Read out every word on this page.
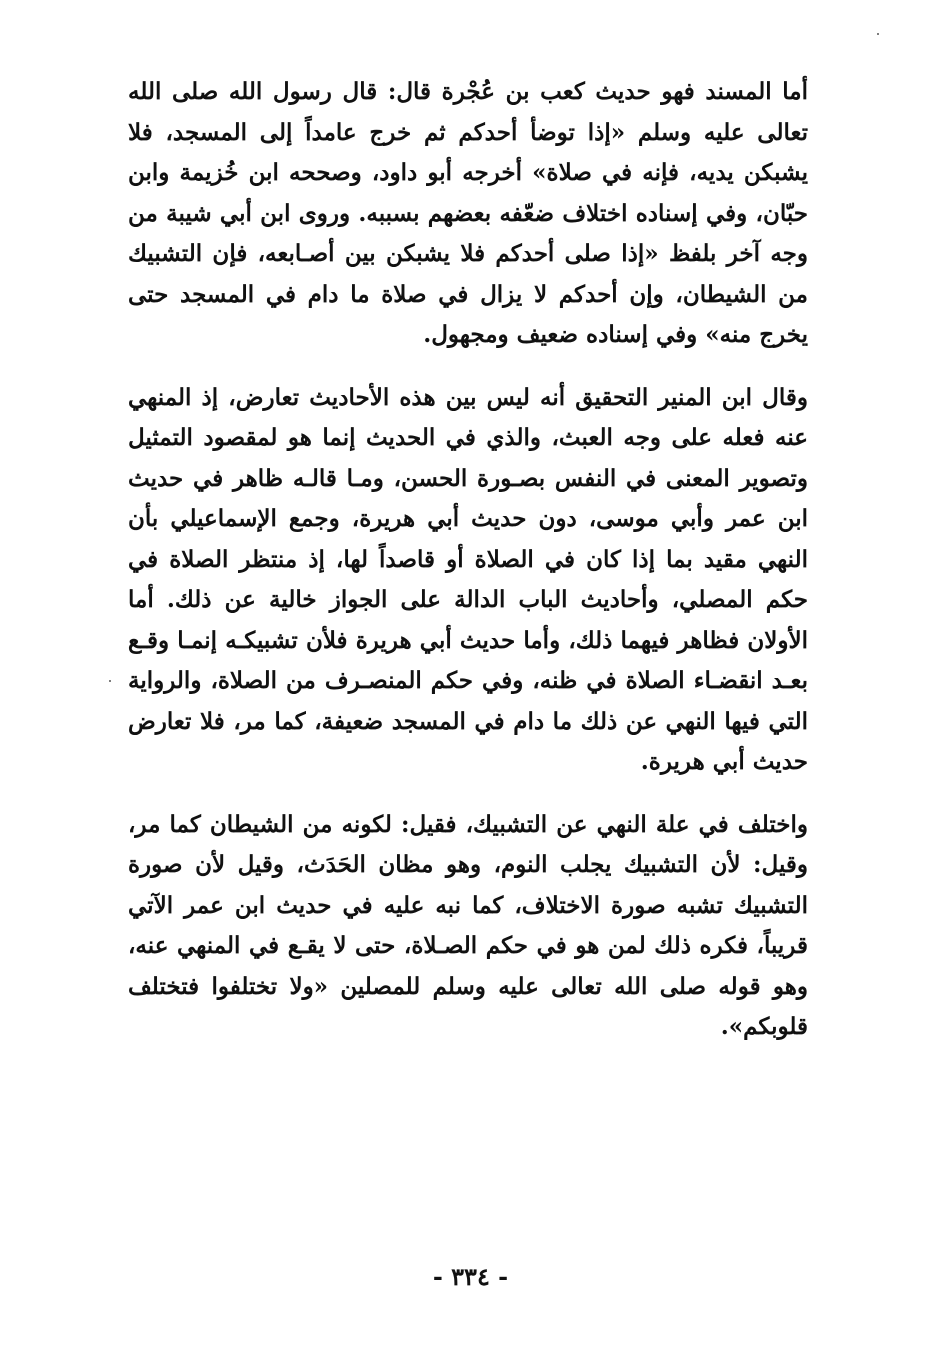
أما المسند فهو حديث كعب بن عُجْرة قال: قال رسول الله صلى الله تعالى عليه وسلم «إذا توضأ أحدكم ثم خرج عامداً إلى المسجد، فلا يشبكن يديه، فإنه في صلاة» أخرجه أبو داود، وصححه ابن خُزيمة وابن حبّان، وفي إسناده اختلاف ضعّفه بعضهم بسببه. وروى ابن أبي شيبة من وجه آخر بلفظ «إذا صلى أحدكم فلا يشبكن بين أصـابعه، فإن التشبيك من الشيطان، وإن أحدكم لا يزال في صلاة ما دام في المسجد حتى يخرج منه» وفي إسناده ضعيف ومجهول.

وقال ابن المنير التحقيق أنه ليس بين هذه الأحاديث تعارض، إذ المنهي عنه فعله على وجه العبث، والذي في الحديث إنما هو لمقصود التمثيل وتصوير المعنى في النفس بصـورة الحسن، ومـا قالـه ظاهر في حديث ابن عمر وأبي موسى، دون حديث أبي هريرة، وجمع الإسماعيلي بأن النهي مقيد بما إذا كان في الصلاة أو قاصداً لها، إذ منتظر الصلاة في حكم المصلي، وأحاديث الباب الدالة على الجواز خالية عن ذلك. أما الأولان فظاهر فيهما ذلك، وأما حديث أبي هريرة فلأن تشبيكـه إنمـا وقـع بعـد انقضـاء الصلاة في ظنه، وفي حكم المنصـرف من الصلاة، والرواية التي فيها النهي عن ذلك ما دام في المسجد ضعيفة، كما مر، فلا تعارض حديث أبي هريرة.

واختلف في علة النهي عن التشبيك، فقيل: لكونه من الشيطان كما مر، وقيل: لأن التشبيك يجلب النوم، وهو مظان الحَدَث، وقيل لأن صورة التشبيك تشبه صورة الاختلاف، كما نبه عليه في حديث ابن عمر الآتي قريباً، فكره ذلك لمن هو في حكم الصـلاة، حتى لا يقـع في المنهي عنه، وهو قوله صلى الله تعالى عليه وسلم للمصلين «ولا تختلفوا فتختلف قلوبكم».

- ٣٣٤ -
